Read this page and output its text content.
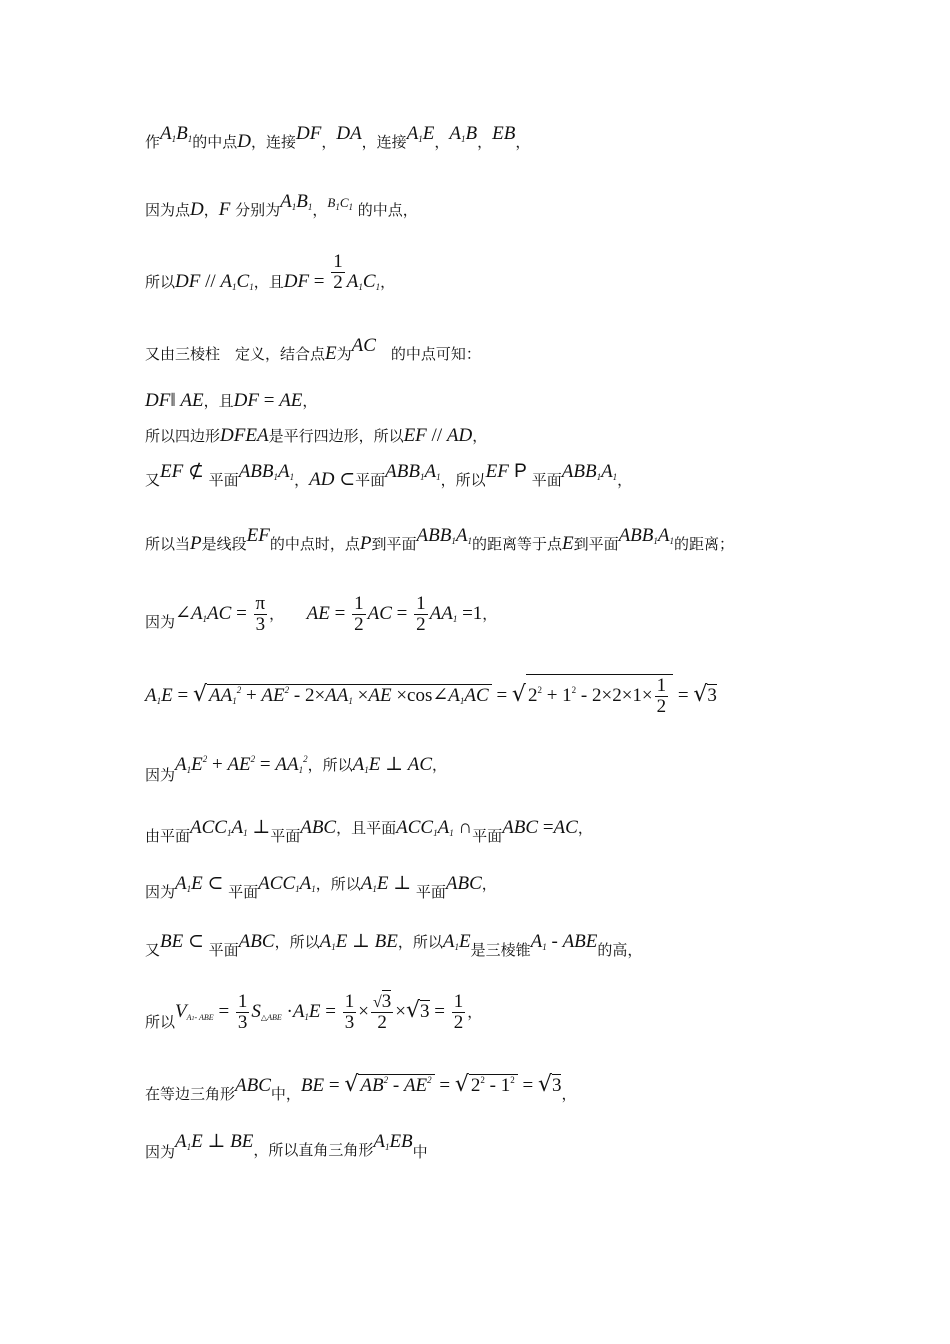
作$A_1B_1$的中点D，连接DF，DA，连接$A_1E$，$A_1B$，EB，
因为点D，F 分别为$A_1B_1$，$^{B_1C_1}$ 的中点，
所以DF // $A_1C_1$，且DF = $\frac{1}{2} A_1C_1$，
又由三棱柱　定义，结合点E为AC　的中点可知：
DF‖ AE，且DF = AE，
所以四边形DFEA是平行四边形，所以EF // AD，
又EF ⊄ 平面$ABB_1A_1$，AD ⊂平面$ABB_1A_1$，所以EF P 平面$ABB_1A_1$，
所以当P是线段EF的中点时，点P到平面$ABB_1A_1$的距离等于点E到平面$ABB_1A_1$的距离；
因为$\angle A_1AC = \frac{\pi}{3}$ ，　　AE = $\frac{1}{2}$ AC = $\frac{1}{2} AA_1 =1$，
$A_1E$ = √ $AA_1^2 + AE^2 - 2\times AA_1 \times AE$ $\times\cos\angle A_1AC$ = √ $2^2 + 1^2 - 2\times 2\times 1\times \frac{1}{2} = √3$
因为$A_1E^2 + AE^2 = AA_1^2$，所以$A_1E$ ⊥ AC，
由平面$ACC_1A_1$ ⊥平面ABC，且平面$ACC_1A_1$ ∩平面ABC =AC，
因为$A_1E$ ⊂ 平面$ACC_1A_1$，所以$A_1E$ ⊥ 平面ABC，
又BE ⊂ 平面ABC，所以$A_1E$ ⊥ BE，所以$A_1E$是三棱锥$A_1$ - ABE的高，
所以$V_{A1- ABE} = \frac{1}{3} S_{\triangle ABE} \cdot A_1E = \frac{1}{3} \times \frac{√3}{2} \times√3 = \frac{1}{2}$ ，
在等边三角形ABC中，BE = √ $AB^2 - AE^2$ = √ $2^2 - 1^2 = √3$，
因为$A_1E$ ⊥ BE，所以直角三角形$A_1EB$中
